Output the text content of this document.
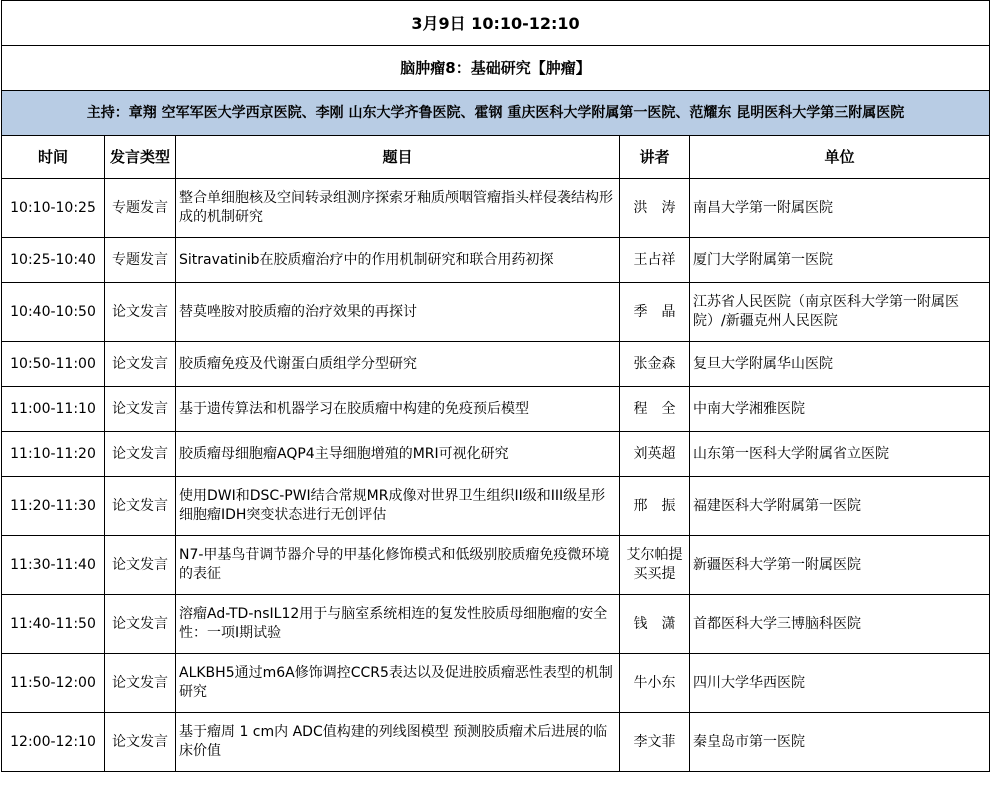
3月9日 10:10-12:10				
脑肿瘤8：基础研究【肿瘤】				
主持：章翔 空军军医大学西京医院、李刚 山东大学齐鲁医院、霍钢 重庆医科大学附属第一医院、范耀东 昆明医科大学第三附属医院				
时间	发言类型	题目	讲者	单位
10:10-10:25	专题发言	整合单细胞核及空间转录组测序探索牙釉质颅咽管瘤指头样侵袭结构形成的机制研究	洪　涛	南昌大学第一附属医院
10:25-10:40	专题发言	Sitravatinib在胶质瘤治疗中的作用机制研究和联合用药初探	王占祥	厦门大学附属第一医院
10:40-10:50	论文发言	替莫唑胺对胶质瘤的治疗效果的再探讨	季　晶	江苏省人民医院（南京医科大学第一附属医院）/新疆克州人民医院
10:50-11:00	论文发言	胶质瘤免疫及代谢蛋白质组学分型研究	张金森	复旦大学附属华山医院
11:00-11:10	论文发言	基于遗传算法和机器学习在胶质瘤中构建的免疫预后模型	程　全	中南大学湘雅医院
11:10-11:20	论文发言	胶质瘤母细胞瘤AQP4主导细胞增殖的MRI可视化研究	刘英超	山东第一医科大学附属省立医院
11:20-11:30	论文发言	使用DWI和DSC-PWI结合常规MR成像对世界卫生组织II级和III级星形细胞瘤IDH突变状态进行无创评估	邢　振	福建医科大学附属第一医院
11:30-11:40	论文发言	N7-甲基鸟苷调节器介导的甲基化修饰模式和低级别胶质瘤免疫微环境的表征	艾尔帕提买买提	新疆医科大学第一附属医院
11:40-11:50	论文发言	溶瘤Ad-TD-nsIL12用于与脑室系统相连的复发性胶质母细胞瘤的安全性：一项I期试验	钱　潇	首都医科大学三博脑科医院
11:50-12:00	论文发言	ALKBH5通过m6A修饰调控CCR5表达以及促进胶质瘤恶性表型的机制研究	牛小东	四川大学华西医院
12:00-12:10	论文发言	基于瘤周 1 cm内 ADC值构建的列线图模型 预测胶质瘤术后进展的临床价值	李文菲	秦皇岛市第一医院
